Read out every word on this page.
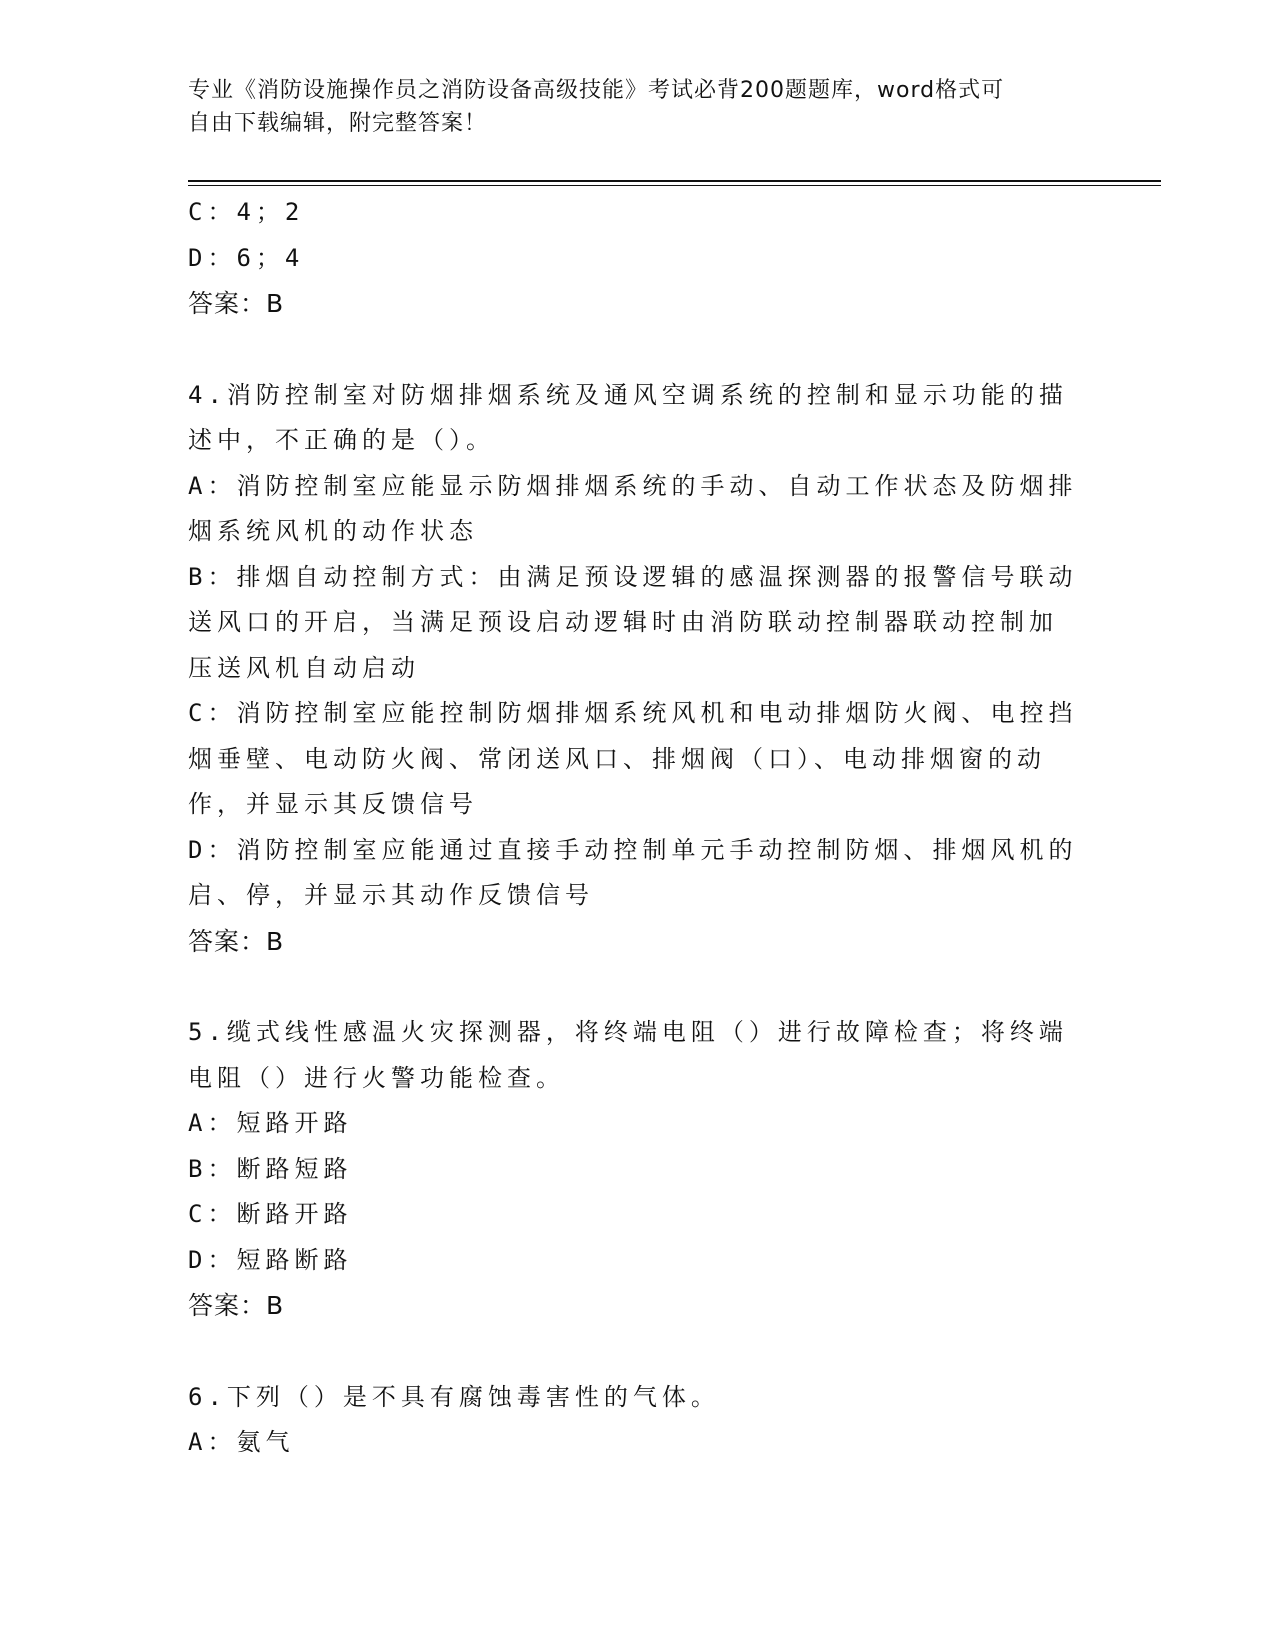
专业《消防设施操作员之消防设备高级技能》考试必背200题题库，word格式可
自由下载编辑，附完整答案！

C：4；2

D：6；4

答案：B

4.消防控制室对防烟排烟系统及通风空调系统的控制和显示功能的描

述中，不正确的是（）。

A：消防控制室应能显示防烟排烟系统的手动、自动工作状态及防烟排

烟系统风机的动作状态

B：排烟自动控制方式：由满足预设逻辑的感温探测器的报警信号联动

送风口的开启，当满足预设启动逻辑时由消防联动控制器联动控制加

压送风机自动启动

C：消防控制室应能控制防烟排烟系统风机和电动排烟防火阀、电控挡

烟垂壁、电动防火阀、常闭送风口、排烟阀（口）、电动排烟窗的动

作，并显示其反馈信号

D：消防控制室应能通过直接手动控制单元手动控制防烟、排烟风机的

启、停，并显示其动作反馈信号

答案：B

5.缆式线性感温火灾探测器，将终端电阻（）进行故障检查；将终端

电阻（）进行火警功能检查。

A：短路开路

B：断路短路

C：断路开路

D：短路断路

答案：B

6.下列（）是不具有腐蚀毒害性的气体。

A：氨气
